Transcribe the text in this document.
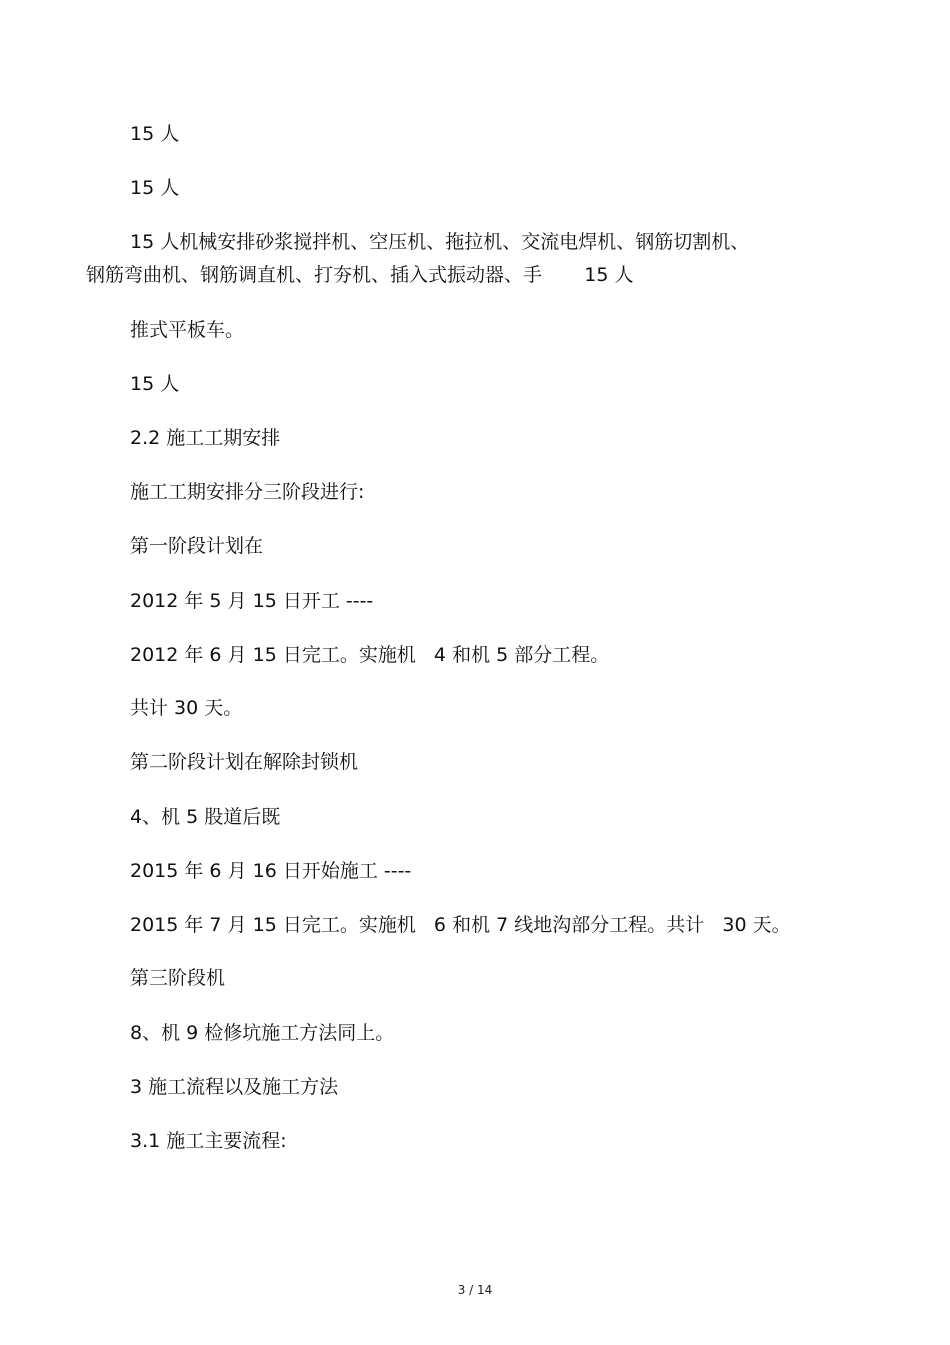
15 人
15 人
15 人机械安排砂浆搅拌机、空压机、拖拉机、交流电焊机、钢筋切割机、
钢筋弯曲机、钢筋调直机、打夯机、插入式振动器、手       15 人
推式平板车。
15 人
2.2 施工工期安排
施工工期安排分三阶段进行:
第一阶段计划在
2012 年 5 月 15 日开工 ----
2012 年 6 月 15 日完工。实施机   4 和机 5 部分工程。
共计 30 天。
第二阶段计划在解除封锁机
4、机 5 股道后既
2015 年 6 月 16 日开始施工 ----
2015 年 7 月 15 日完工。实施机   6 和机 7 线地沟部分工程。共计   30 天。
第三阶段机
8、机 9 检修坑施工方法同上。
3 施工流程以及施工方法
3.1 施工主要流程:
3 / 14
